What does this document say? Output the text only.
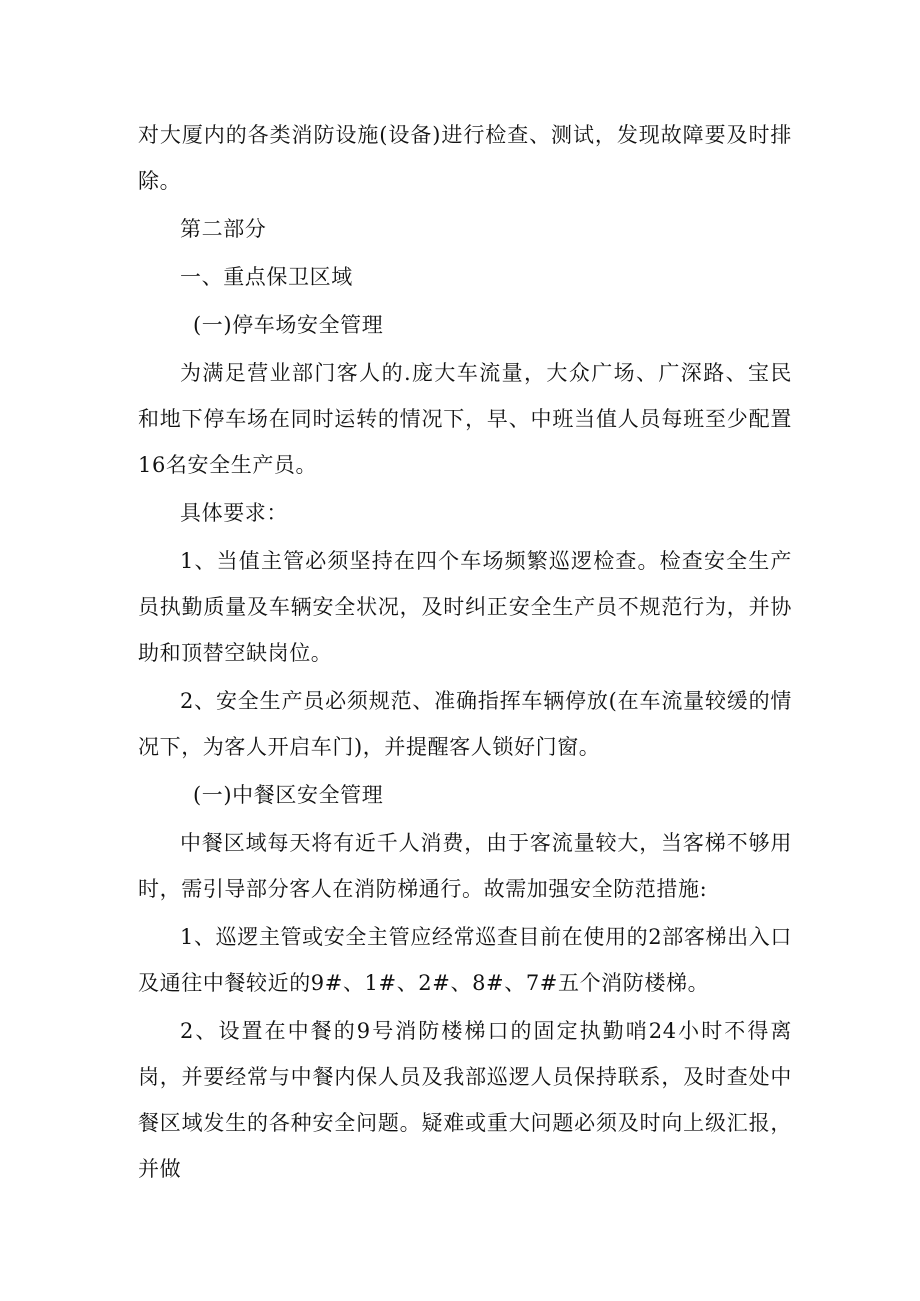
对大厦内的各类消防设施(设备)进行检查、测试，发现故障要及时排除。

第二部分

一、重点保卫区域

(一)停车场安全管理

为满足营业部门客人的.庞大车流量，大众广场、广深路、宝民和地下停车场在同时运转的情况下，早、中班当值人员每班至少配置16名安全生产员。

具体要求：

1、当值主管必须坚持在四个车场频繁巡逻检查。检查安全生产员执勤质量及车辆安全状况，及时纠正安全生产员不规范行为，并协助和顶替空缺岗位。

2、安全生产员必须规范、准确指挥车辆停放(在车流量较缓的情况下，为客人开启车门)，并提醒客人锁好门窗。

(一)中餐区安全管理

中餐区域每天将有近千人消费，由于客流量较大，当客梯不够用时，需引导部分客人在消防梯通行。故需加强安全防范措施:

1、巡逻主管或安全主管应经常巡查目前在使用的2部客梯出入口及通往中餐较近的9#、1#、2#、8#、7#五个消防楼梯。

2、设置在中餐的9号消防楼梯口的固定执勤哨24小时不得离岗，并要经常与中餐内保人员及我部巡逻人员保持联系，及时查处中餐区域发生的各种安全问题。疑难或重大问题必须及时向上级汇报，并做
